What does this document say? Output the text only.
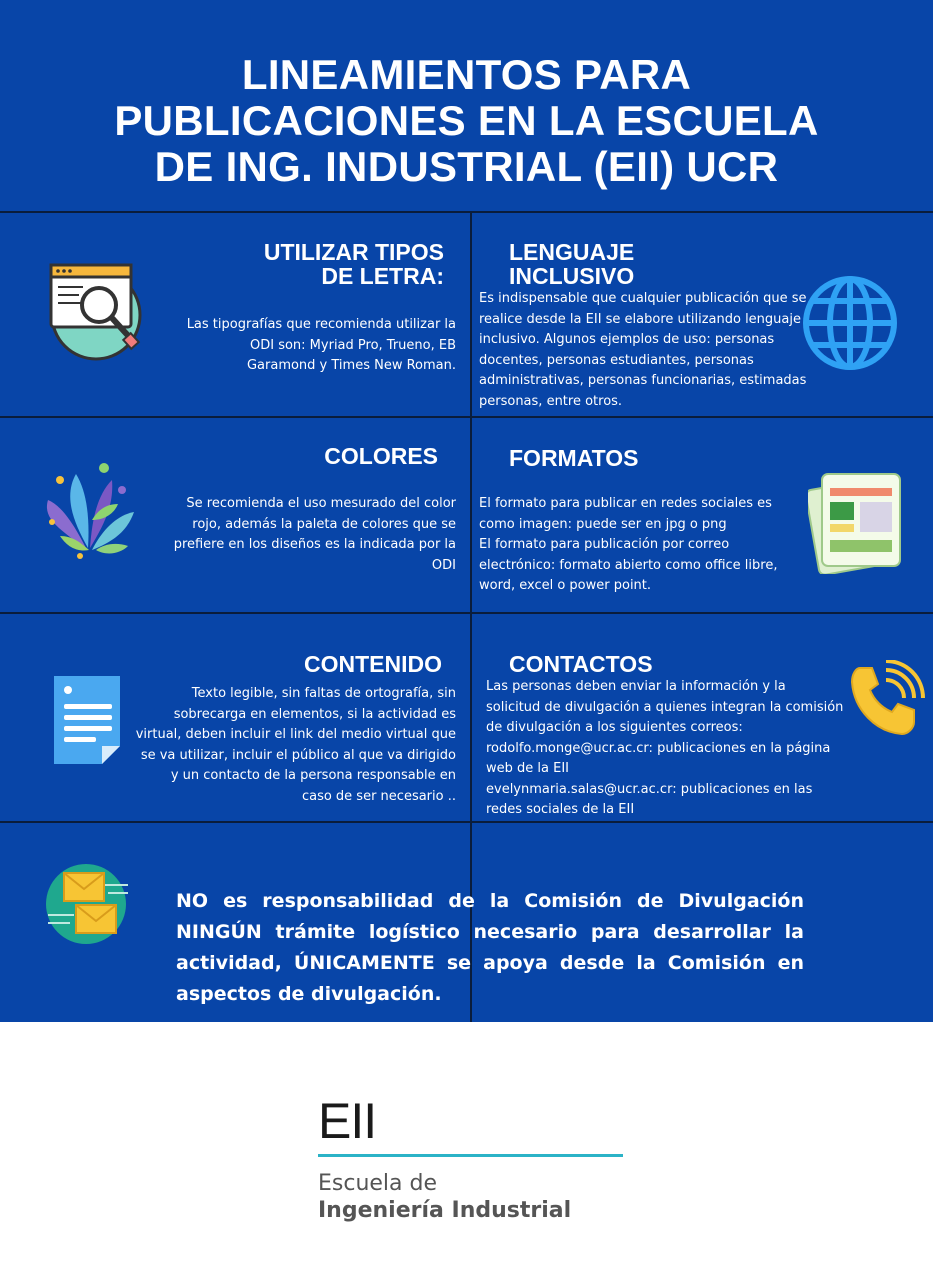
LINEAMIENTOS PARA
PUBLICACIONES EN LA ESCUELA
DE ING. INDUSTRIAL (EII) UCR
UTILIZAR TIPOS
DE LETRA:

Las tipografías que recomienda utilizar la

ODI son: Myriad Pro, Trueno, EB

Garamond y Times New Roman.

LENGUAJE
INCLUSIVO

Es indispensable que cualquier publicación que se

realice desde la EII se elabore utilizando lenguaje

inclusivo. Algunos ejemplos de uso: personas

docentes, personas estudiantes, personas

administrativas, personas funcionarias, estimadas

personas, entre otros.

COLORES

Se recomienda el uso mesurado del color

rojo, además la paleta de colores que se

prefiere en los diseños es la indicada por la

ODI

FORMATOS

El formato para publicar en redes sociales es

como imagen: puede ser en jpg o png

El formato para publicación por correo

electrónico: formato abierto como office libre,

word, excel o power point.

CONTENIDO

Texto legible, sin faltas de ortografía, sin

sobrecarga en elementos, si la actividad es

virtual, deben incluir el link del medio virtual que

se va utilizar, incluir el público al que va dirigido

y un contacto de la persona responsable en

caso de ser necesario ..

CONTACTOS

Las personas deben enviar la información y la

solicitud de divulgación a quienes integran la comisión

de divulgación a los siguientes correos:

rodolfo.monge@ucr.ac.cr: publicaciones en la página

web de la EII

evelynmaria.salas@ucr.ac.cr: publicaciones en las

redes sociales de la EII

NO es responsabilidad de la Comisión de Divulgación NINGÚN trámite logístico necesario para desarrollar la actividad, ÚNICAMENTE se apoya desde la Comisión en aspectos de divulgación.

EII
Escuela de
Ingeniería Industrial
